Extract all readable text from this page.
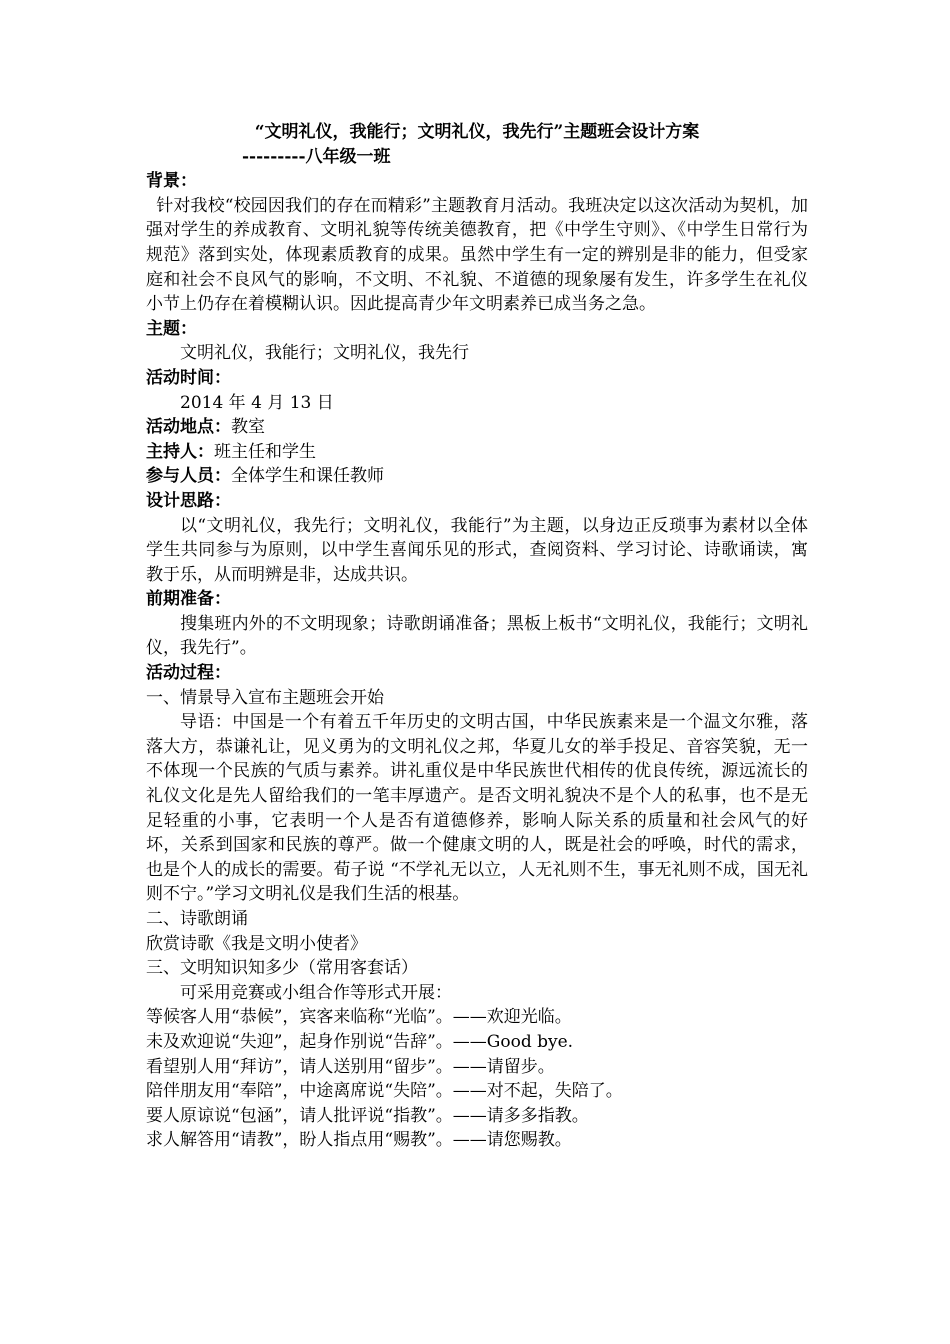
“文明礼仪，我能行；文明礼仪，我先行”主题班会设计方案
---------八年级一班
背景：
针对我校“校园因我们的存在而精彩”主题教育月活动。我班决定以这次活动为契机，加强对学生的养成教育、文明礼貌等传统美德教育，把《中学生守则》、《中学生日常行为规范》落到实处，体现素质教育的成果。虽然中学生有一定的辨别是非的能力，但受家庭和社会不良风气的影响，不文明、不礼貌、不道德的现象屡有发生，许多学生在礼仪小节上仍存在着模糊认识。因此提高青少年文明素养已成当务之急。
主题：
文明礼仪，我能行；文明礼仪，我先行
活动时间：
2014 年 4 月 13 日
活动地点：教室
主持人：班主任和学生
参与人员：全体学生和课任教师
设计思路：
以“文明礼仪，我先行；文明礼仪，我能行”为主题，以身边正反琐事为素材以全体学生共同参与为原则，以中学生喜闻乐见的形式，查阅资料、学习讨论、诗歌诵读，寓教于乐，从而明辨是非，达成共识。
前期准备：
搜集班内外的不文明现象；诗歌朗诵准备；黑板上板书“文明礼仪，我能行；文明礼仪，我先行”。
活动过程：
一、情景导入宣布主题班会开始
导语：中国是一个有着五千年历史的文明古国，中华民族素来是一个温文尔雅，落落大方，恭谦礼让，见义勇为的文明礼仪之邦，华夏儿女的举手投足、音容笑貌，无一不体现一个民族的气质与素养。讲礼重仪是中华民族世代相传的优良传统，源远流长的礼仪文化是先人留给我们的一笔丰厚遗产。是否文明礼貌决不是个人的私事，也不是无足轻重的小事，它表明一个人是否有道德修养，影响人际关系的质量和社会风气的好坏，关系到国家和民族的尊严。做一个健康文明的人，既是社会的呼唤，时代的需求，也是个人的成长的需要。荀子说 “不学礼无以立，人无礼则不生，事无礼则不成，国无礼则不宁。”学习文明礼仪是我们生活的根基。
二、诗歌朗诵
欣赏诗歌《我是文明小使者》
三、文明知识知多少（常用客套话）
可采用竞赛或小组合作等形式开展：
等候客人用“恭候”，宾客来临称“光临”。——欢迎光临。
未及欢迎说“失迎”，起身作别说“告辞”。——Good bye.
看望别人用“拜访”，请人送别用“留步”。——请留步。
陪伴朋友用“奉陪”，中途离席说“失陪”。——对不起，失陪了。
要人原谅说“包涵”，请人批评说“指教”。——请多多指教。
求人解答用“请教”，盼人指点用“赐教”。——请您赐教。
